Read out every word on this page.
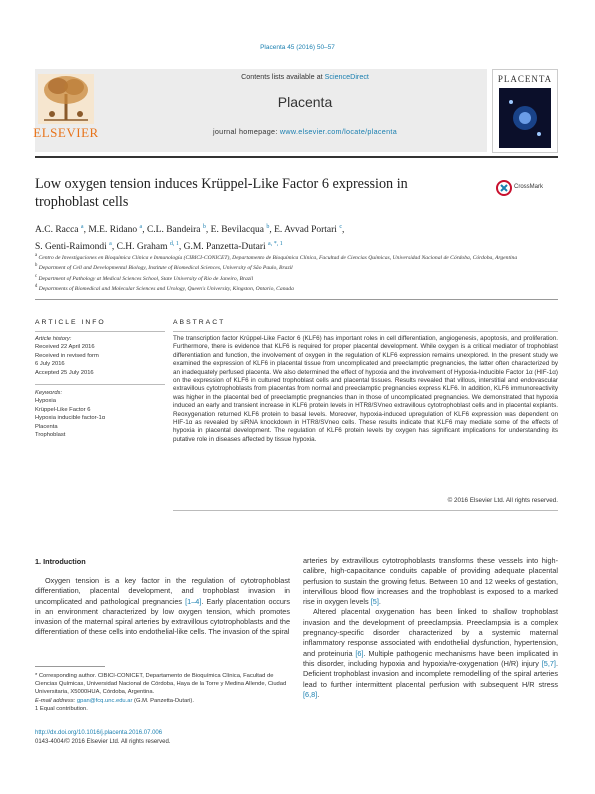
Placenta 45 (2016) 50–57
ELSEVIER
Contents lists available at ScienceDirect
Placenta
journal homepage: www.elsevier.com/locate/placenta
PLACENTA
Low oxygen tension induces Krüppel-Like Factor 6 expression in trophoblast cells
CrossMark
A.C. Racca $^a$, M.E. Ridano $^a$, C.L. Bandeira $^b$, E. Bevilacqua $^b$, E. Avvad Portari $^c$,
S. Genti-Raimondi $^a$, C.H. Graham $^{d, 1}$, G.M. Panzetta-Dutari $^{a, *, 1}$
$^a$ Centro de Investigaciones en Bioquímica Clínica e Inmunología (CIBICI-CONICET), Departamento de Bioquímica Clínica, Facultad de Ciencias Químicas, Universidad Nacional de Córdoba, Córdoba, Argentina
$^b$ Department of Cell and Developmental Biology, Institute of Biomedical Sciences, University of São Paulo, Brazil
$^c$ Department of Pathology at Medical Sciences School, State University of Rio de Janeiro, Brazil
$^d$ Departments of Biomedical and Molecular Sciences and Urology, Queen's University, Kingston, Ontario, Canada
ARTICLE INFO	ABSTRACT
Article history:
Received 22 April 2016
Received in revised form
6 July 2016
Accepted 25 July 2016
Keywords:
Hypoxia
Krüppel-Like Factor 6
Hypoxia inducible factor-1α
Placenta
Trophoblast
The transcription factor Krüppel-Like Factor 6 (KLF6) has important roles in cell differentiation, angiogenesis, apoptosis, and proliferation. Furthermore, there is evidence that KLF6 is required for proper placental development. While oxygen is a critical mediator of trophoblast differentiation and function, the involvement of oxygen in the regulation of KLF6 expression remains unexplored. In the present study we examined the expression of KLF6 in placental tissue from uncomplicated and preeclamptic pregnancies, the latter often characterized by an inadequately perfused placenta. We also determined the effect of hypoxia and the involvement of Hypoxia-Inducible Factor 1α (HIF-1α) on the expression of KLF6 in cultured trophoblast cells and placental tissues. Results revealed that villous, interstitial and endovascular extravillous cytotrophoblasts from placentas from normal and preeclamptic pregnancies express KLF6. In addition, KLF6 immunoreactivity was higher in the placental bed of preeclamptic pregnancies than in those of uncomplicated pregnancies. We demonstrated that hypoxia induced an early and transient increase in KLF6 protein levels in HTR8/SVneo extravillous cytotrophoblast cells and in placental explants. Reoxygenation returned KLF6 protein to basal levels. Moreover, hypoxia-induced upregulation of KLF6 expression was dependent on HIF-1α as revealed by siRNA knockdown in HTR8/SVneo cells. These results indicate that KLF6 may mediate some of the effects of hypoxia in placental development. The regulation of KLF6 protein levels by oxygen has significant implications for understanding its putative role in diseases affected by tissue hypoxia.
© 2016 Elsevier Ltd. All rights reserved.
1. Introduction
Oxygen tension is a key factor in the regulation of cytotrophoblast differentiation, placental development, and trophoblast invasion in uncomplicated and pathological pregnancies [1–4]. Early placentation occurs in an environment characterized by low oxygen tension, which promotes invasion of the maternal spiral arteries by extravillous cytotrophoblasts and the differentiation of these cells into endothelial-like cells. The invasion of the spiral

arteries by extravillous cytotrophoblasts transforms these vessels into high-calibre, high-capacitance conduits capable of providing adequate placental perfusion to sustain the growing fetus. Between 10 and 12 weeks of gestation, intervillous blood flow increases and the trophoblast is exposed to a marked rise in oxygen levels [5].

Altered placental oxygenation has been linked to shallow trophoblast invasion and the development of preeclampsia. Preeclampsia is a complex pregnancy-specific disorder characterized by a systemic maternal inflammatory response associated with endothelial dysfunction, hypertension, and proteinuria [6]. Multiple pathogenic mechanisms have been implicated in this disorder, including hypoxia and hypoxia/re-oxygenation (H/R) injury [5,7]. Deficient trophoblast invasion and incomplete remodelling of the spiral arteries lead to further intermittent placental perfusion with subsequent H/R stress [6,8].

* Corresponding author. CIBICI-CONICET, Departamento de Bioquímica Clínica, Facultad de Ciencias Químicas, Universidad Nacional de Córdoba, Haya de la Torre y Medina Allende, Ciudad Universitaria, X5000HUA, Córdoba, Argentina.
E-mail address: gpan@fcq.unc.edu.ar (G.M. Panzetta-Dutari).
1 Equal contribution.
http://dx.doi.org/10.1016/j.placenta.2016.07.006
0143-4004/© 2016 Elsevier Ltd. All rights reserved.
